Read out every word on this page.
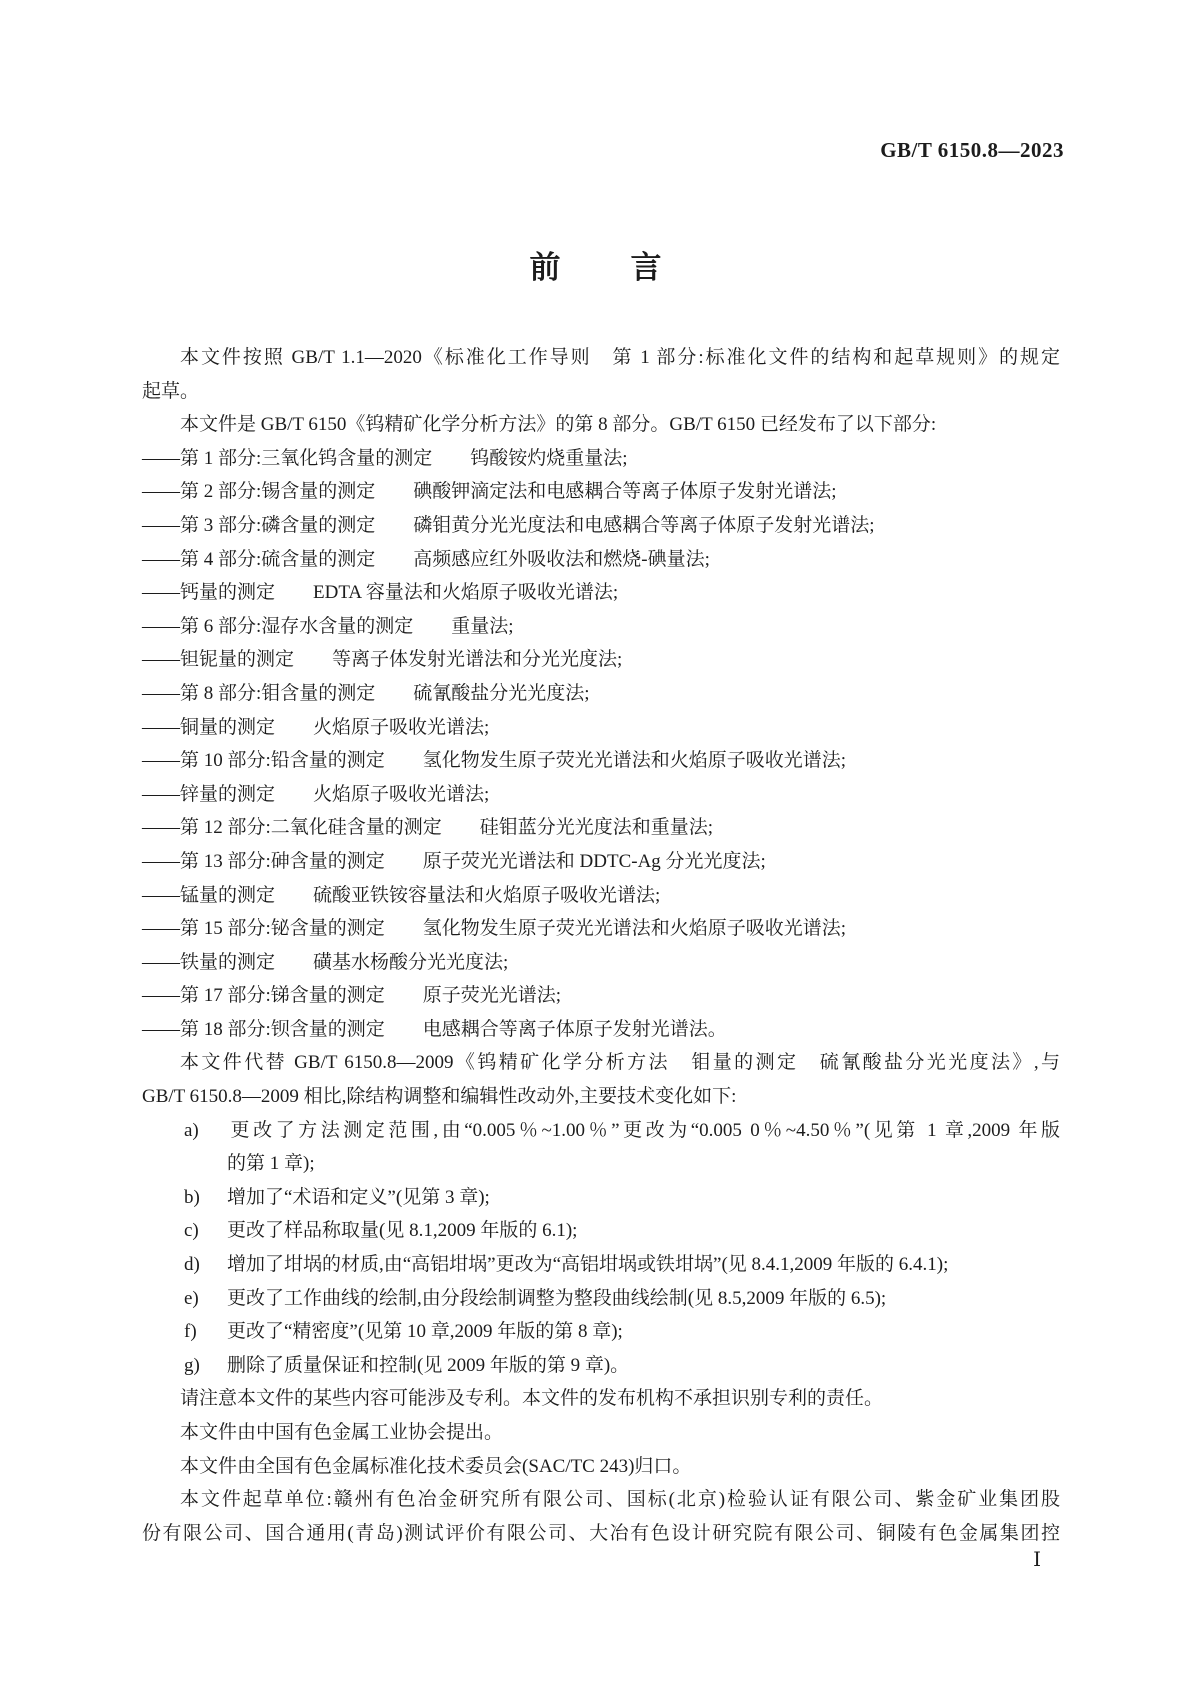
GB/T 6150.8—2023
前 言
本文件按照 GB/T 1.1—2020《标准化工作导则　第 1 部分:标准化文件的结构和起草规则》的规定
起草。
本文件是 GB/T 6150《钨精矿化学分析方法》的第 8 部分。GB/T 6150 已经发布了以下部分:
——第 1 部分:三氧化钨含量的测定　　钨酸铵灼烧重量法;
——第 2 部分:锡含量的测定　　碘酸钾滴定法和电感耦合等离子体原子发射光谱法;
——第 3 部分:磷含量的测定　　磷钼黄分光光度法和电感耦合等离子体原子发射光谱法;
——第 4 部分:硫含量的测定　　高频感应红外吸收法和燃烧-碘量法;
——钙量的测定　　EDTA 容量法和火焰原子吸收光谱法;
——第 6 部分:湿存水含量的测定　　重量法;
——钽铌量的测定　　等离子体发射光谱法和分光光度法;
——第 8 部分:钼含量的测定　　硫氰酸盐分光光度法;
——铜量的测定　　火焰原子吸收光谱法;
——第 10 部分:铅含量的测定　　氢化物发生原子荧光光谱法和火焰原子吸收光谱法;
——锌量的测定　　火焰原子吸收光谱法;
——第 12 部分:二氧化硅含量的测定　　硅钼蓝分光光度法和重量法;
——第 13 部分:砷含量的测定　　原子荧光光谱法和 DDTC-Ag 分光光度法;
——锰量的测定　　硫酸亚铁铵容量法和火焰原子吸收光谱法;
——第 15 部分:铋含量的测定　　氢化物发生原子荧光光谱法和火焰原子吸收光谱法;
——铁量的测定　　磺基水杨酸分光光度法;
——第 17 部分:锑含量的测定　　原子荧光光谱法;
——第 18 部分:钡含量的测定　　电感耦合等离子体原子发射光谱法。
本文件代替 GB/T 6150.8—2009《钨精矿化学分析方法　钼量的测定　硫氰酸盐分光光度法》,与
GB/T 6150.8—2009 相比,除结构调整和编辑性改动外,主要技术变化如下:
a) 更改了方法测定范围,由“0.005％~1.00％”更改为“0.005 0％~4.50％”(见第 1 章,2009 年版
的第 1 章);
b) 增加了“术语和定义”(见第 3 章);
c) 更改了样品称取量(见 8.1,2009 年版的 6.1);
d) 增加了坩埚的材质,由“高铝坩埚”更改为“高铝坩埚或铁坩埚”(见 8.4.1,2009 年版的 6.4.1);
e) 更改了工作曲线的绘制,由分段绘制调整为整段曲线绘制(见 8.5,2009 年版的 6.5);
f) 更改了“精密度”(见第 10 章,2009 年版的第 8 章);
g) 删除了质量保证和控制(见 2009 年版的第 9 章)。
请注意本文件的某些内容可能涉及专利。本文件的发布机构不承担识别专利的责任。
本文件由中国有色金属工业协会提出。
本文件由全国有色金属标准化技术委员会(SAC/TC 243)归口。
本文件起草单位:赣州有色冶金研究所有限公司、国标(北京)检验认证有限公司、紫金矿业集团股
份有限公司、国合通用(青岛)测试评价有限公司、大冶有色设计研究院有限公司、铜陵有色金属集团控
Ⅰ
